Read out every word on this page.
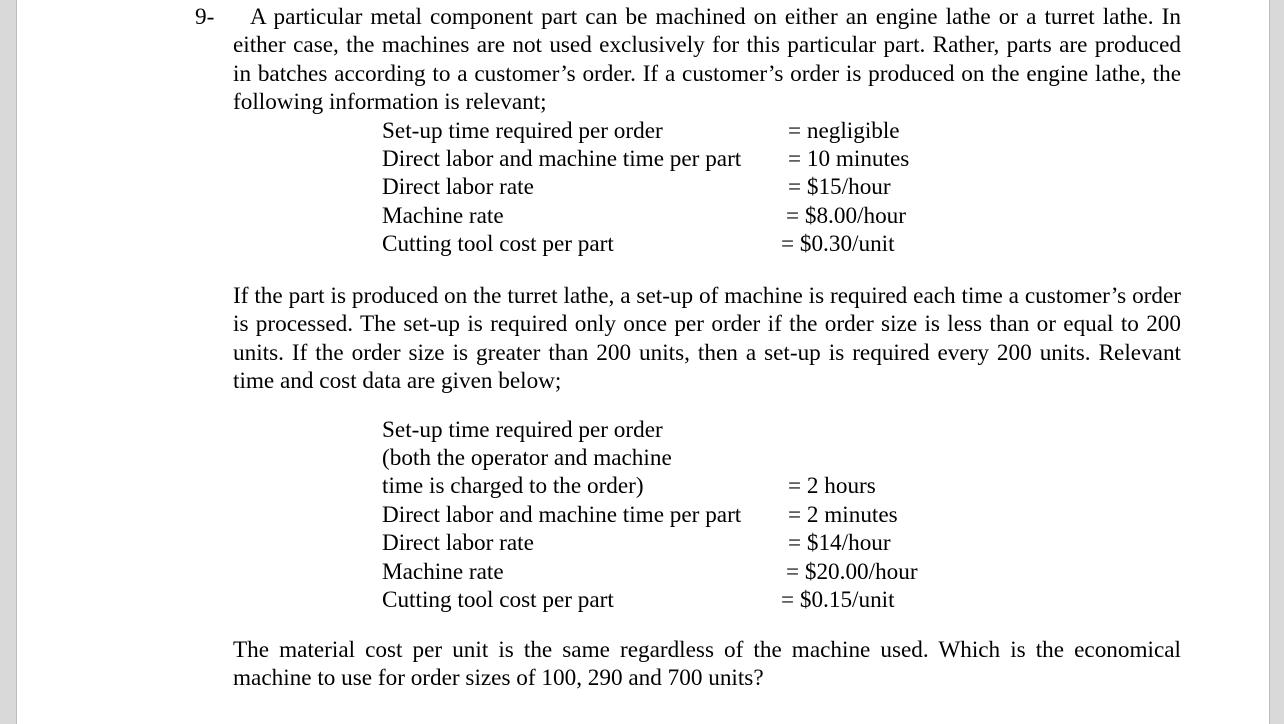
9-	A particular metal component part can be machined on either an engine lathe or a turret lathe. In either case, the machines are not used exclusively for this particular part. Rather, parts are produced in batches according to a customer’s order. If a customer’s order is produced on the engine lathe, the following information is relevant;

Set-up time required per order	= negligible
Direct labor and machine time per part = 10 minutes
Direct labor rate	= $15/hour
Machine rate	= $8.00/hour
Cutting tool cost per part	= $0.30/unit

If the part is produced on the turret lathe, a set-up of machine is required each time a customer’s order is processed. The set-up is required only once per order if the order size is less than or equal to 200 units. If the order size is greater than 200 units, then a set-up is required every 200 units. Relevant time and cost data are given below;

Set-up time required per order
(both the operator and machine
time is charged to the order)	= 2 hours
Direct labor and machine time per part = 2 minutes
Direct labor rate	= $14/hour
Machine rate	= $20.00/hour
Cutting tool cost per part	= $0.15/unit

The material cost per unit is the same regardless of the machine used. Which is the economical machine to use for order sizes of 100, 290 and 700 units?
